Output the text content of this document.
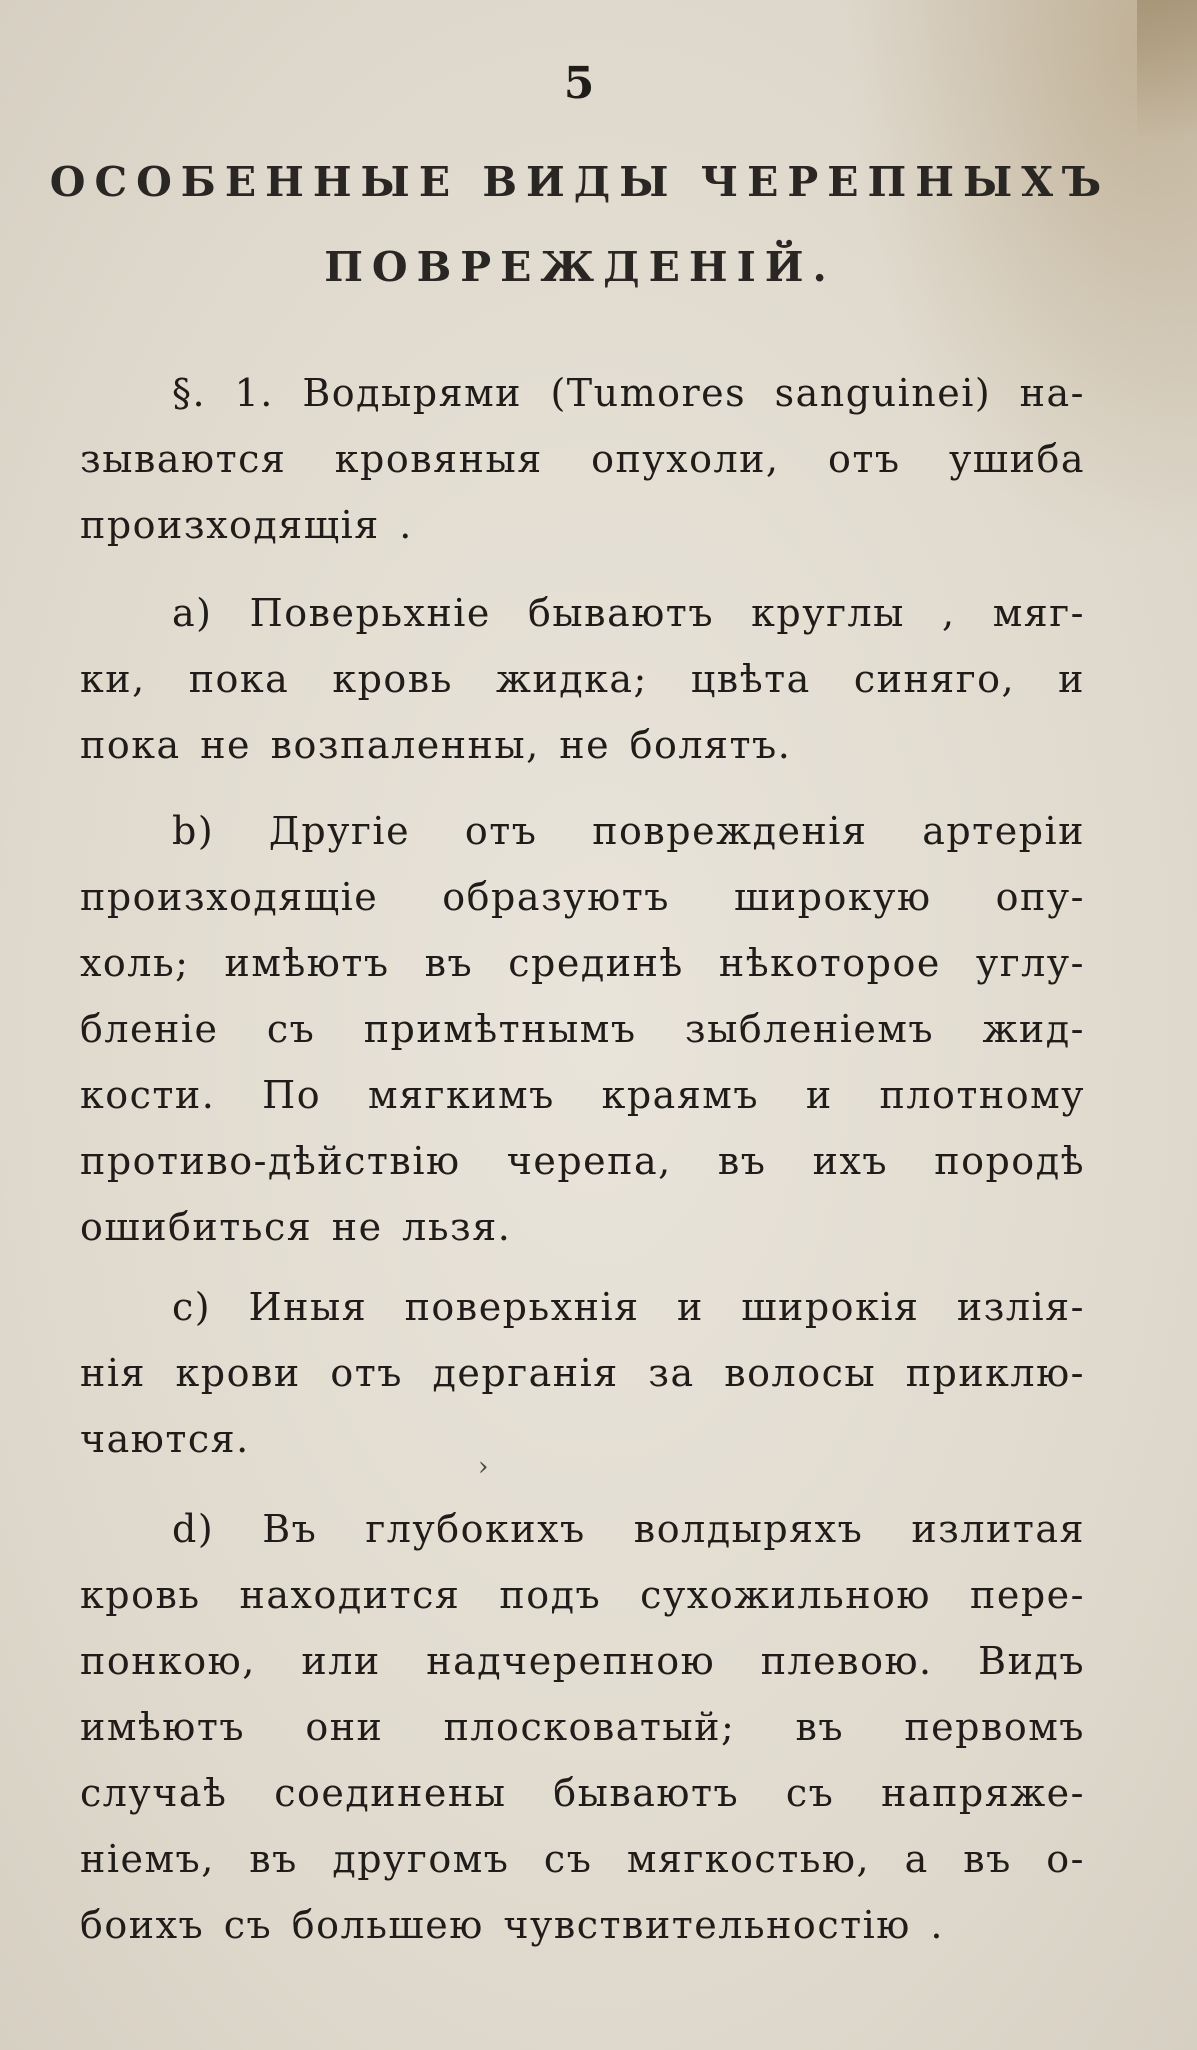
5
ОСОБЕННЫЕ ВИДЫ ЧЕРЕПНЫХЪ
ПОВРЕЖДЕНІЙ.
§. 1. Водырями (Tumores sanguinei) на-
зываются кровяныя опухоли, отъ ушиба
произходящія .
a) Поверьхніе бываютъ круглы , мяг-
ки, пока кровь жидка; цвѣта синяго, и
пока не возпаленны, не болятъ.
b) Другіе отъ поврежденія артеріи
произходящіе образуютъ широкую опу-
холь; имѣютъ въ срединѣ нѣкоторое углу-
бленіе съ примѣтнымъ зыбленіемъ жид-
кости. По мягкимъ краямъ и плотному
противо-дѣйствію черепа, въ ихъ породѣ
ошибиться не льзя.
c) Иныя поверьхнія и широкія излія-
нія крови отъ дерганія за волосы приклю-
чаются.
›
d) Въ глубокихъ волдыряхъ излитая
кровь находится подъ сухожильною пере-
понкою, или надчерепною плевою. Видъ
имѣютъ они плосковатый; въ первомъ
случаѣ соединены бываютъ съ напряже-
ніемъ, въ другомъ съ мягкостью, а въ о-
боихъ съ большею чувствительностію .
